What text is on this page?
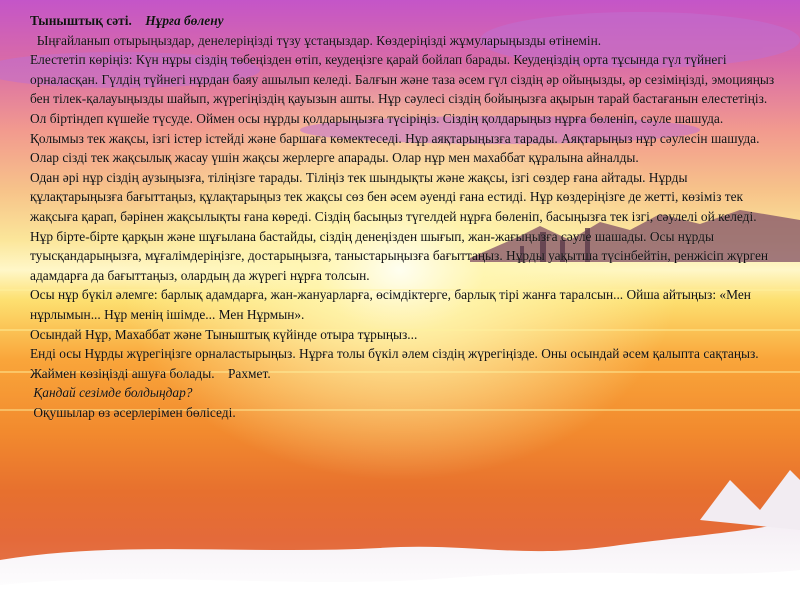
Тыныштық сәті. Нұрға бөлену

Ыңғайланып отырыңыздар, денелеріңізді түзу ұстаңыздар. Көздеріңізді жұмуларыңызды өтінемін.

Елестетіп көріңіз: Күн нұры сіздің төбеңізден өтіп, кеудеңізге қарай бойлап барады. Кеудеңіздің орта тұсында гүл түйнегі орналасқан. Гүлдің түйнегі нұрдан баяу ашылып келеді. Балғын және таза әсем гүл сіздің әр ойыңызды, әр сезіміңізді, эмоцияңыз бен тілек-қалауыңызды шайып, жүрегіңіздің қауызын ашты. Нұр сәулесі сіздің бойыңызға ақырын тарай бастағанын елестетіңіз. Ол біртіндеп күшейе түсуде. Оймен осы нұрды қолдарыңызға түсіріңіз. Сіздің қолдарыңыз нұрға бөленіп, сәуле шашуда. Қолымыз тек жақсы, ізгі істер істейді және баршаға көмектеседі. Нұр аяқтарыңызға тарады. Аяқтарыңыз нұр сәулесін шашуда. Олар сізді тек жақсылық жасау үшін жақсы жерлерге апарады. Олар нұр мен махаббат құралына айналды.

Одан әрі нұр сіздің аузыңызға, тіліңізге тарады. Тіліңіз тек шындықты және жақсы, ізгі сөздер ғана айтады. Нұрды құлақтарыңызға бағыттаңыз, құлақтарыңыз тек жақсы сөз бен әсем әуенді ғана естиді. Нұр көздеріңізге де жетті, көзіміз тек жақсыға қарап, бәрінен жақсылықты ғана көреді. Сіздің басыңыз түгелдей нұрға бөленіп, басыңызға тек ізгі, сәулелі ой келеді.

Нұр бірте-бірте қарқын және шұғылана бастайды, сіздің денеңізден шығып, жан-жағыңызға сәуле шашады. Осы нұрды туысқандарыңызға, мұғалімдеріңізге, достарыңызға, таныстарыңызға бағыттаңыз. Нұрды уақытша түсінбейтін, ренжісіп жүрген адамдарға да бағыттаңыз, олардың да жүрегі нұрға толсын.

Осы нұр бүкіл әлемге: барлық адамдарға, жан-жануарларға, өсімдіктерге, барлық тірі жанға таралсын... Ойша айтыңыз: «Мен нұрлымын... Нұр менің ішімде... Мен Нұрмын».

Осындай Нұр, Махаббат және Тыныштық күйінде отыра тұрыңыз...

Енді осы Нұрды жүрегіңізге орналастырыңыз. Нұрға толы бүкіл әлем сіздің жүрегіңізде. Оны осындай әсем қалыпта сақтаңыз.

Жаймен көзіңізді ашуға болады.    Рахмет.

Қандай сезімде болдыңдар?

Оқушылар өз әсерлерімен бөліседі.
